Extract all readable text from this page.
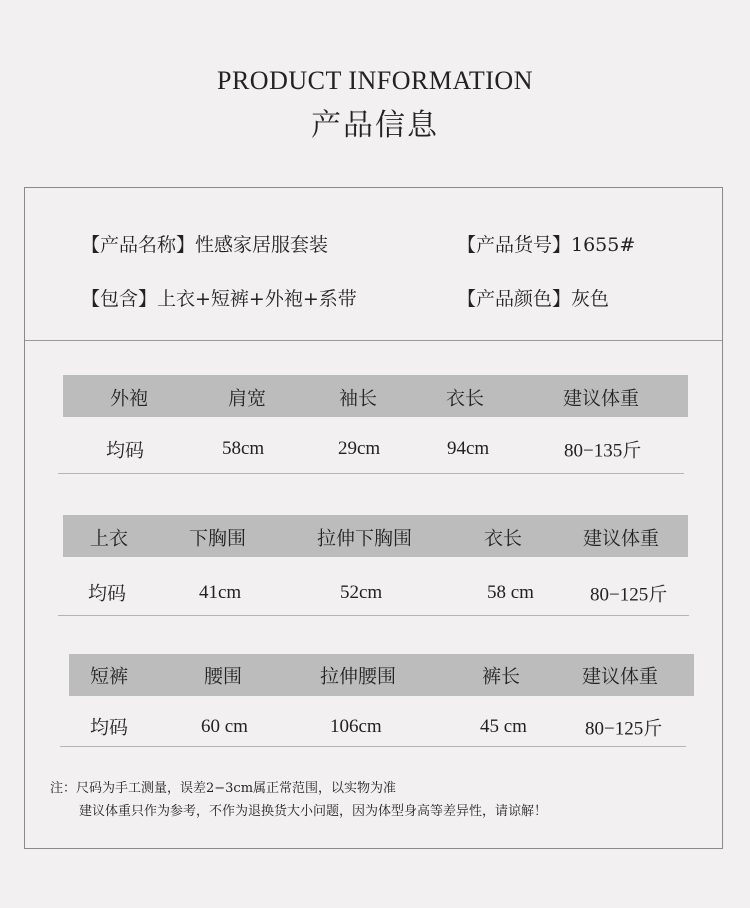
PRODUCT INFORMATION
产品信息
【产品名称】性感家居服套装	【产品货号】1655#
【包含】上衣+短裤+外袍+系带	【产品颜色】灰色
外袍	肩宽	袖长	衣长	建议体重
均码	58cm	29cm	94cm	80−135斤
上衣	下胸围	拉伸下胸围	衣长	建议体重
均码	41cm	52cm	58 cm	80−125斤
短裤	腰围	拉伸腰围	裤长	建议体重
均码	60 cm	106cm	45 cm	80−125斤
注：尺码为手工测量，误差2−3cm属正常范围，以实物为准
建议体重只作为参考，不作为退换货大小问题，因为体型身高等差异性，请谅解！
